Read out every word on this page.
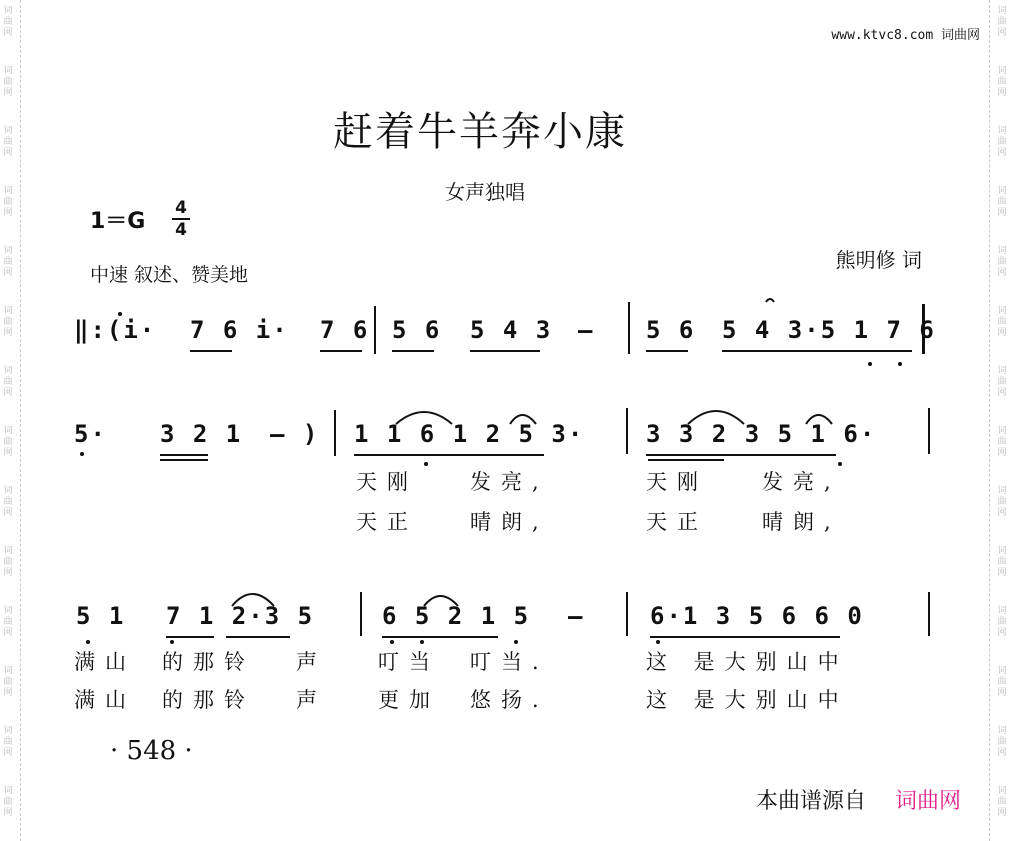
词
曲
网
词
曲
网
词
曲
网
词
曲
网
词
曲
网
词
曲
网
词
曲
网
词
曲
网
词
曲
网
词
曲
网
词
曲
网
词
曲
网
词
曲
网
词
曲
网
词
曲
网
词
曲
网
词
曲
网
词
曲
网
词
曲
网
词
曲
网
词
曲
网
词
曲
网
词
曲
网
词
曲
网
词
曲
网
词
曲
网
词
曲
网
词
曲
网
www.ktvc8.com 词曲网
赶着牛羊奔小康
女声独唱
1＝G
4
4
中速 叙述、赞美地
熊明修 词
‖:(i· 7 6 i· 7 6 5 6 5 4 3 – 5 6 5 4 3·5 1 7 6
5· 3 2 1 – ) 1 1 6 1 2 5 3·	3 3 2 3 5 1 6·
天刚 发亮,	天刚	发亮,
天正 晴朗,	天正	晴朗,
5 1 7 1 2·3 5	6 5 2 1 5 –	6·1 3 5 6 6 0
满山 的那铃 声 叮当 叮当.	这 是大别山中
满山 的那铃 声 更加 悠扬.	这 是大别山中
· 548 ·
本曲谱源自 词曲网
